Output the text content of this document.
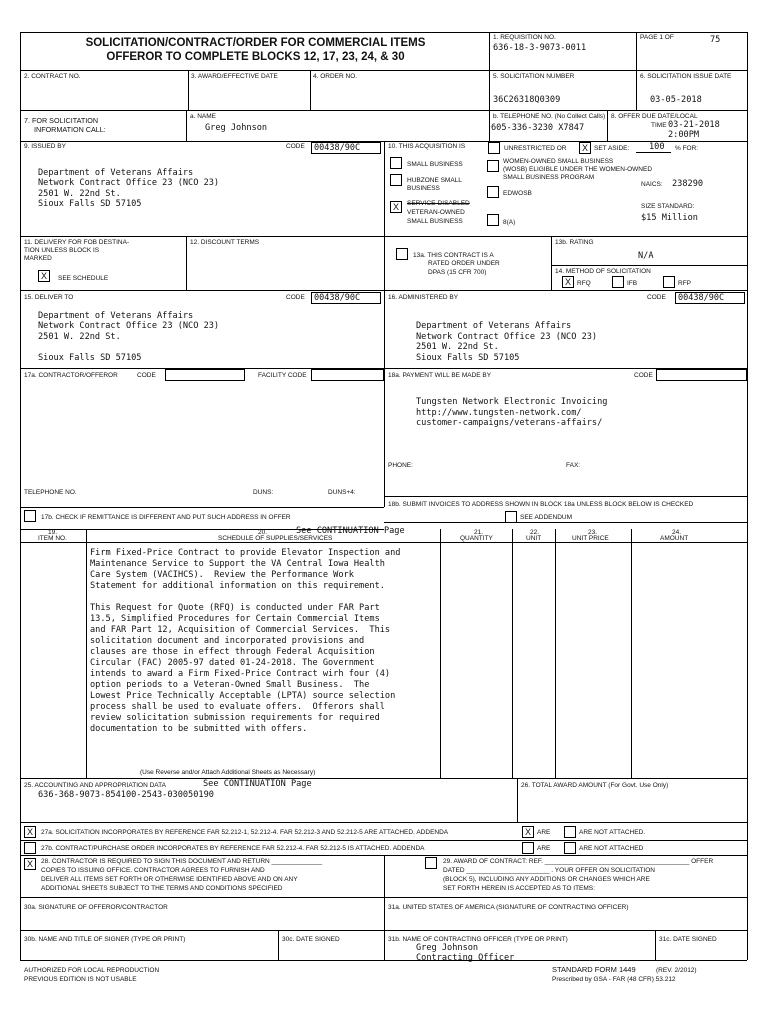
SOLICITATION/CONTRACT/ORDER FOR COMMERCIAL ITEMS
OFFEROR TO COMPLETE BLOCKS 12, 17, 23, 24, & 30
1. REQUISITION NO.
636-18-3-9073-0011
PAGE 1 OF	75
2. CONTRACT NO.	3. AWARD/EFFECTIVE DATE	4. ORDER NO.	5. SOLICITATION NUMBER
36C26318Q0309
6. SOLICITATION ISSUE DATE
03-05-2018
7. FOR SOLICITATION
INFORMATION CALL:
a. NAME
Greg Johnson
b. TELEPHONE NO. (No Collect Calls)
605-336-3230 X7847
8. OFFER DUE DATE/LOCAL
TIME 03-21-2018
2:00PM
9. ISSUED BY	CODE	00438/90C
Department of Veterans Affairs
Network Contract Office 23 (NCO 23)
2501 W. 22nd St.
Sioux Falls SD 57105
10. THIS ACQUISITION IS	UNRESTRICTED OR	X SET ASIDE: 100 % FOR:
SMALL BUSINESS
HUBZONE SMALL
BUSINESS
X	SERVICE-DISABLED
VETERAN-OWNED
SMALL BUSINESS
WOMEN-OWNED SMALL BUSINESS
(WOSB) ELIGIBLE UNDER THE WOMEN-OWNED
SMALL BUSINESS PROGRAM
EDWOSB
8(A)
NAICS: 238290
SIZE STANDARD:
$15 Million
11. DELIVERY FOR FOB DESTINA-
TION UNLESS BLOCK IS
MARKED
X	SEE SCHEDULE
12. DISCOUNT TERMS
13a. THIS CONTRACT IS A
RATED ORDER UNDER
DPAS (15 CFR 700)
13b. RATING
N/A
14. METHOD OF SOLICITATION
X RFQ	IFB	RFP
15. DELIVER TO	CODE	00438/90C
Department of Veterans Affairs
Network Contract Office 23 (NCO 23)
2501 W. 22nd St.
Sioux Falls SD 57105
16. ADMINISTERED BY	CODE	00438/90C
Department of Veterans Affairs
Network Contract Office 23 (NCO 23)
2501 W. 22nd St.
Sioux Falls SD 57105
17a. CONTRACTOR/OFFEROR	CODE	FACILITY CODE
TELEPHONE NO.	DUNS:	DUNS+4:
17b. CHECK IF REMITTANCE IS DIFFERENT AND PUT SUCH ADDRESS IN OFFER
18a. PAYMENT WILL BE MADE BY	CODE
Tungsten Network Electronic Invoicing
http://www.tungsten-network.com/
customer-campaigns/veterans-affairs/
PHONE:	FAX:
18b. SUBMIT INVOICES TO ADDRESS SHOWN IN BLOCK 18a UNLESS BLOCK BELOW IS CHECKED
SEE ADDENDUM
19.
ITEM NO.
20.
SCHEDULE OF SUPPLIES/SERVICES
See CONTINUATION Page	21.
QUANTITY
22.
UNIT
23.
UNIT PRICE
24.
AMOUNT
Firm Fixed-Price Contract to provide Elevator Inspection and
Maintenance Service to Support the VA Central Iowa Health
Care System (VACIHCS).  Review the Performance Work
Statement for additional information on this requirement.
This Request for Quote (RFQ) is conducted under FAR Part
13.5, Simplified Procedures for Certain Commercial Items
and FAR Part 12, Acquisition of Commercial Services.  This
solicitation document and incorporated provisions and
clauses are those in effect through Federal Acquisition
Circular (FAC) 2005-97 dated 01-24-2018. The Government
intends to award a Firm Fixed-Price Contract wirh four (4)
option periods to a Veteran-Owned Small Business.  The
Lowest Price Technically Acceptable (LPTA) source selection
process shall be used to evaluate offers.  Offerors shall
review solicitation submission requirements for required
documentation to be submitted with offers.
(Use Reverse and/or Attach Additional Sheets as Necessary)
25. ACCOUNTING AND APPROPRIATION DATA	See CONTINUATION Page
636-368-9073-854100-2543-030050190
26. TOTAL AWARD AMOUNT (For Govt. Use Only)
X	27a. SOLICITATION INCORPORATES BY REFERENCE FAR 52.212-1, 52.212-4. FAR 52.212-3 AND 52.212-5 ARE ATTACHED. ADDENDA	X ARE	ARE NOT ATTACHED.
27b. CONTRACT/PURCHASE ORDER INCORPORATES BY REFERENCE FAR 52.212-4. FAR 52.212-5 IS ATTACHED. ADDENDA	ARE	ARE NOT ATTACHED
X	28. CONTRACTOR IS REQUIRED TO SIGN THIS DOCUMENT AND RETURN ______________
COPIES TO ISSUING OFFICE. CONTRACTOR AGREES TO FURNISH AND
DELIVER ALL ITEMS SET FORTH OR OTHERWISE IDENTIFIED ABOVE AND ON ANY
ADDITIONAL SHEETS SUBJECT TO THE TERMS AND CONDITIONS SPECIFIED
29. AWARD OF CONTRACT: REF. ________________________________________ OFFER
DATED _______________________ . YOUR OFFER ON SOLICITATION
(BLOCK 5), INCLUDING ANY ADDITIONS OR CHANGES WHICH ARE
SET FORTH HEREIN IS ACCEPTED AS TO ITEMS:
30a. SIGNATURE OF OFFEROR/CONTRACTOR	31a. UNITED STATES OF AMERICA (SIGNATURE OF CONTRACTING OFFICER)
30b. NAME AND TITLE OF SIGNER (TYPE OR PRINT)	30c. DATE SIGNED	31b. NAME OF CONTRACTING OFFICER (TYPE OR PRINT)	31c. DATE SIGNED
Greg Johnson
Contracting Officer
AUTHORIZED FOR LOCAL REPRODUCTION
PREVIOUS EDITION IS NOT USABLE
STANDARD FORM 1449	(REV. 2/2012)
Prescribed by GSA - FAR (48 CFR) 53.212
